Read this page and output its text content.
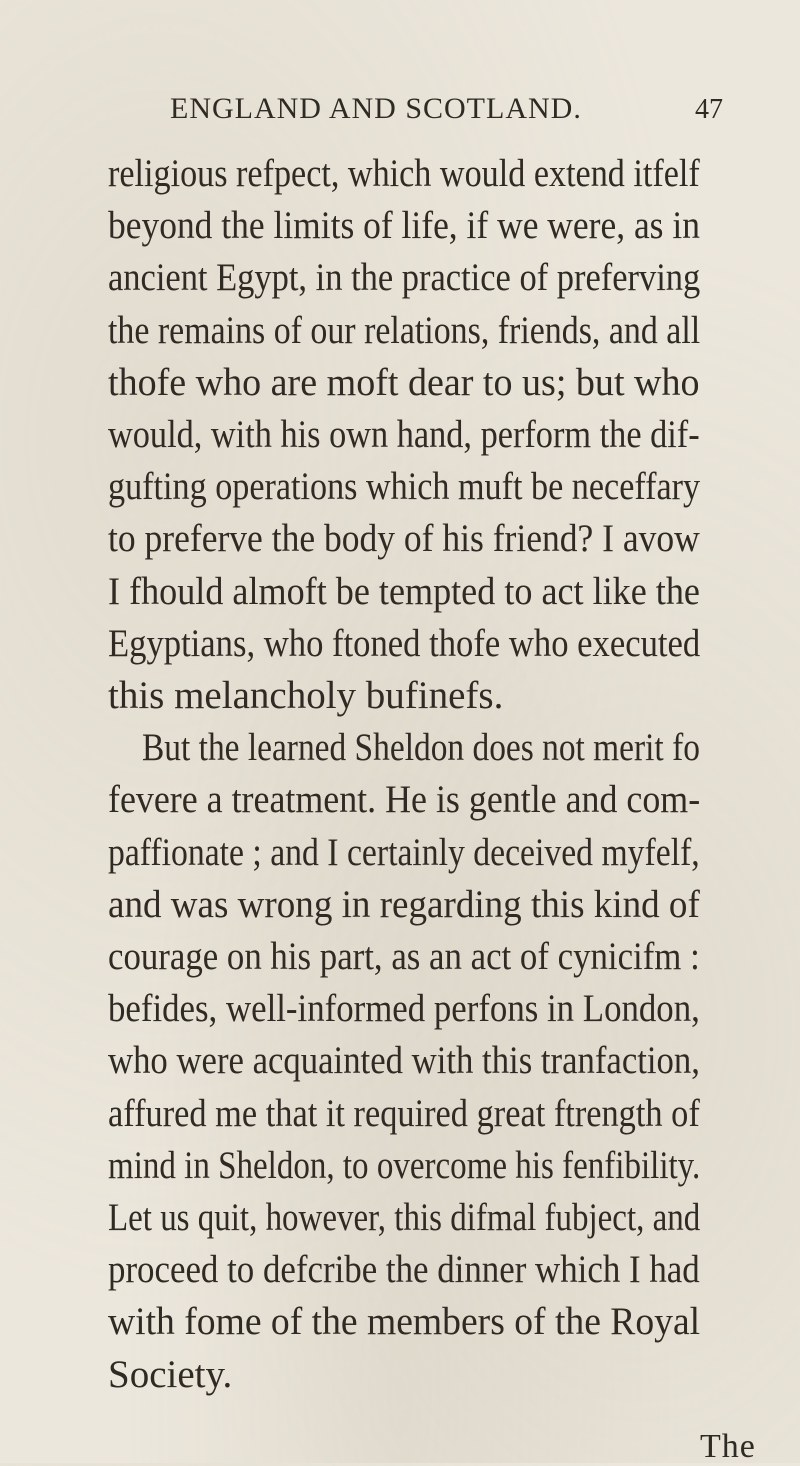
ENGLAND AND SCOTLAND.	47
religious refpect, which would extend itfelf
beyond the limits of life, if we were, as in
ancient Egypt, in the practice of preferving
the remains of our relations, friends, and all
thofe who are moft dear to us; but who
would, with his own hand, perform the dif-
gufting operations which muft be neceffary
to preferve the body of his friend? I avow
I fhould almoft be tempted to act like the
Egyptians, who ftoned thofe who executed
this melancholy bufinefs.
But the learned Sheldon does not merit fo
fevere a treatment. He is gentle and com-
paffionate ; and I certainly deceived myfelf,
and was wrong in regarding this kind of
courage on his part, as an act of cynicifm :
befides, well-informed perfons in London,
who were acquainted with this tranfaction,
affured me that it required great ftrength of
mind in Sheldon, to overcome his fenfibility.
Let us quit, however, this difmal fubject, and
proceed to defcribe the dinner which I had
with fome of the members of the Royal
Society.
The
